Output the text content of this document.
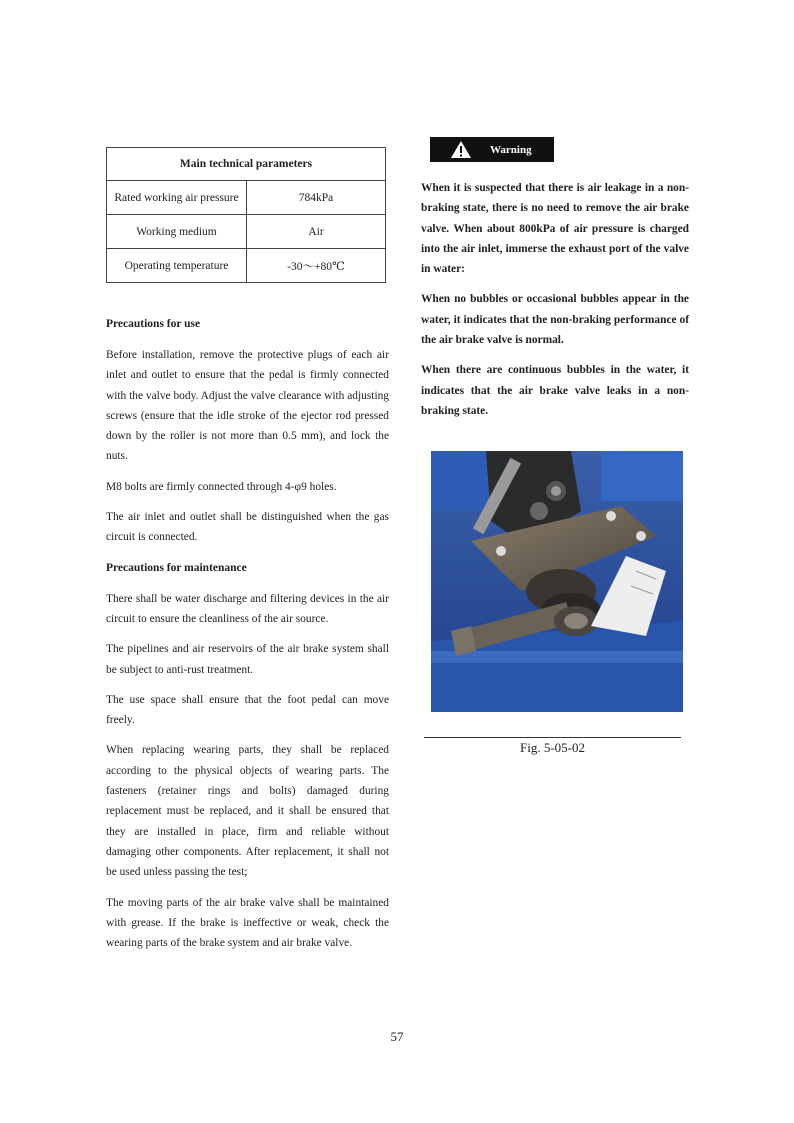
Main technical parameters	
Rated working air pressure	784kPa
Working medium	Air
Operating temperature	-30～+80℃
Precautions for use

Before installation, remove the protective plugs of each air inlet and outlet to ensure that the pedal is firmly connected with the valve body. Adjust the valve clearance with adjusting screws (ensure that the idle stroke of the ejector rod pressed down by the roller is not more than 0.5 mm), and lock the nuts.

M8 bolts are firmly connected through 4-φ9 holes.

The air inlet and outlet shall be distinguished when the gas circuit is connected.

Precautions for maintenance

There shall be water discharge and filtering devices in the air circuit to ensure the cleanliness of the air source.

The pipelines and air reservoirs of the air brake system shall be subject to anti-rust treatment.

The use space shall ensure that the foot pedal can move freely.

When replacing wearing parts, they shall be replaced according to the physical objects of wearing parts. The fasteners (retainer rings and bolts) damaged during replacement must be replaced, and it shall be ensured that they are installed in place, firm and reliable without damaging other components. After replacement, it shall not be used unless passing the test;

The moving parts of the air brake valve shall be maintained with grease. If the brake is ineffective or weak, check the wearing parts of the brake system and air brake valve.

Warning

When it is suspected that there is air leakage in a non-braking state, there is no need to remove the air brake valve. When about 800kPa of air pressure is charged into the air inlet, immerse the exhaust port of the valve in water:

When no bubbles or occasional bubbles appear in the water, it indicates that the non-braking performance of the air brake valve is normal.

When there are continuous bubbles in the water, it indicates that the air brake valve leaks in a non-braking state.

Fig. 5-05-02
57
